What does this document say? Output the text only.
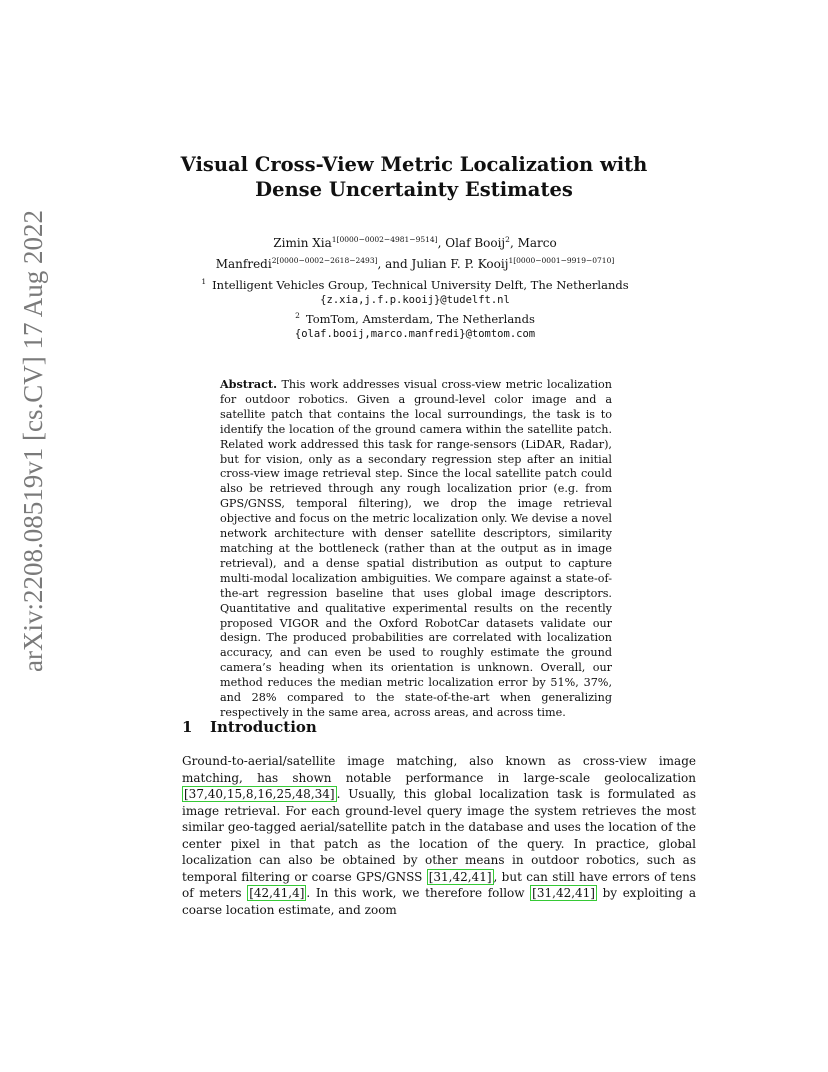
arXiv:2208.08519v1 [cs.CV] 17 Aug 2022
Visual Cross-View Metric Localization with
Dense Uncertainty Estimates
Zimin Xia$^{1[0000-0002-4981-9514]}$, Olaf Booij$^2$, Marco
Manfredi$^{2[0000-0002-2618-2493]}$, and Julian F. P. Kooij$^{1[0000-0001-9919-0710]}$
$^1$ Intelligent Vehicles Group, Technical University Delft, The Netherlands
{z.xia,j.f.p.kooij}@tudelft.nl
$^2$ TomTom, Amsterdam, The Netherlands
{olaf.booij,marco.manfredi}@tomtom.com
Abstract. This work addresses visual cross-view metric localization for outdoor robotics. Given a ground-level color image and a satellite patch that contains the local surroundings, the task is to identify the location of the ground camera within the satellite patch. Related work addressed this task for range-sensors (LiDAR, Radar), but for vision, only as a secondary regression step after an initial cross-view image retrieval step. Since the local satellite patch could also be retrieved through any rough localization prior (e.g. from GPS/GNSS, temporal filtering), we drop the image retrieval objective and focus on the metric localization only. We devise a novel network architecture with denser satellite descriptors, similarity matching at the bottleneck (rather than at the output as in image retrieval), and a dense spatial distribution as output to capture multi-modal localization ambiguities. We compare against a state-of-the-art regression baseline that uses global image descriptors. Quantitative and qualitative experimental results on the recently proposed VIGOR and the Oxford RobotCar datasets validate our design. The produced probabilities are correlated with localization accuracy, and can even be used to roughly estimate the ground camera’s heading when its orientation is unknown. Overall, our method reduces the median metric localization error by 51%, 37%, and 28% compared to the state-of-the-art when generalizing respectively in the same area, across areas, and across time.
1 Introduction
Ground-to-aerial/satellite image matching, also known as cross-view image matching, has shown notable performance in large-scale geolocalization [37,40,15,8,16,25,48,34] . Usually, this global localization task is formulated as image retrieval. For each ground-level query image the system retrieves the most similar geo-tagged aerial/satellite patch in the database and uses the location of the center pixel in that patch as the location of the query. In practice, global localization can also be obtained by other means in outdoor robotics, such as temporal filtering or coarse GPS/GNSS [31,42,41] , but can still have errors of tens of meters [42,41,4] . In this work, we therefore follow [31,42,41] by exploiting a coarse location estimate, and zoom
